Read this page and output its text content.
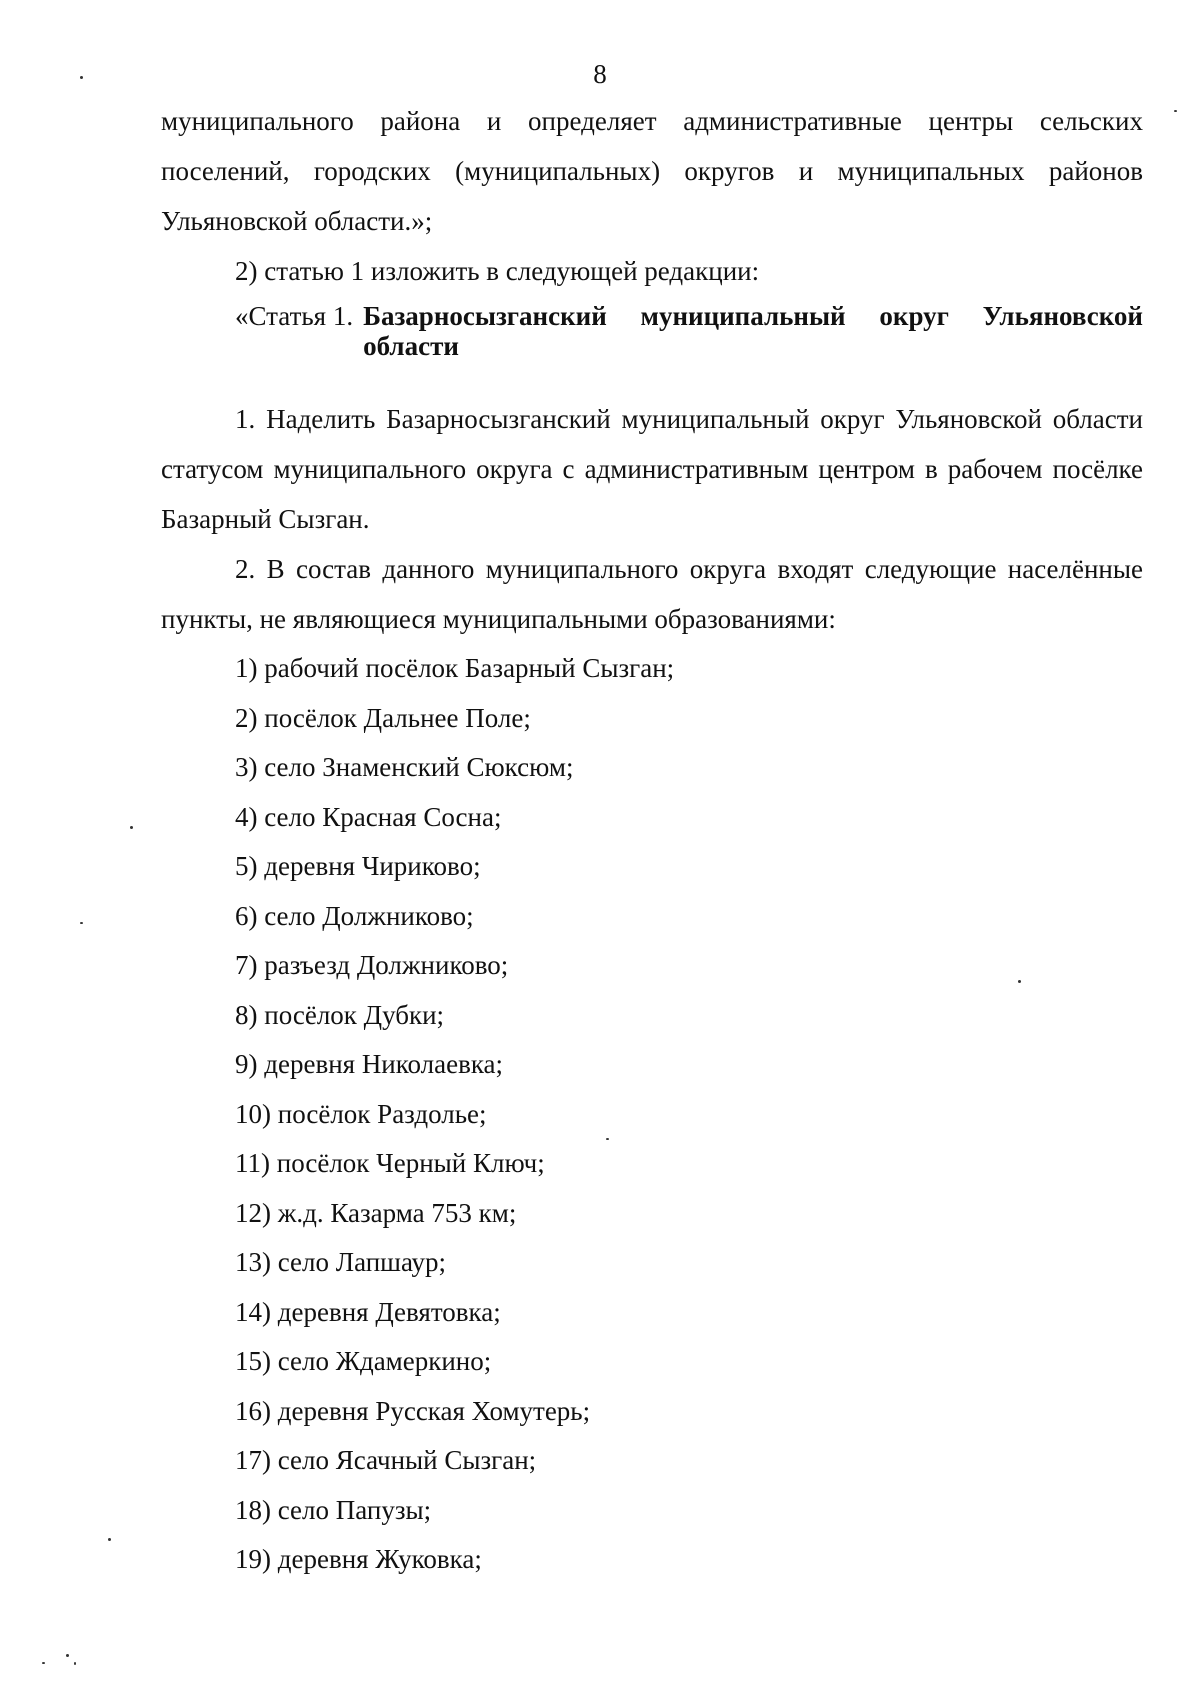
8

муниципального района и определяет административные центры сельских поселений, городских (муниципальных) округов и муниципальных районов Ульяновской области.»;

2) статью 1 изложить в следующей редакции:

«Статья 1. Базарносызганский муниципальный округ Ульяновской области

1. Наделить Базарносызганский муниципальный округ Ульяновской области статусом муниципального округа с административным центром в рабочем посёлке Базарный Сызган.

2. В состав данного муниципального округа входят следующие населённые пункты, не являющиеся муниципальными образованиями:

1) рабочий посёлок Базарный Сызган;

2) посёлок Дальнее Поле;

3) село Знаменский Сюксюм;

4) село Красная Сосна;

5) деревня Чириково;

6) село Должниково;

7) разъезд Должниково;

8) посёлок Дубки;

9) деревня Николаевка;

10) посёлок Раздолье;

11) посёлок Черный Ключ;

12) ж.д. Казарма 753 км;

13) село Лапшаур;

14) деревня Девятовка;

15) село Ждамеркино;

16) деревня Русская Хомутерь;

17) село Ясачный Сызган;

18) село Папузы;

19) деревня Жуковка;
